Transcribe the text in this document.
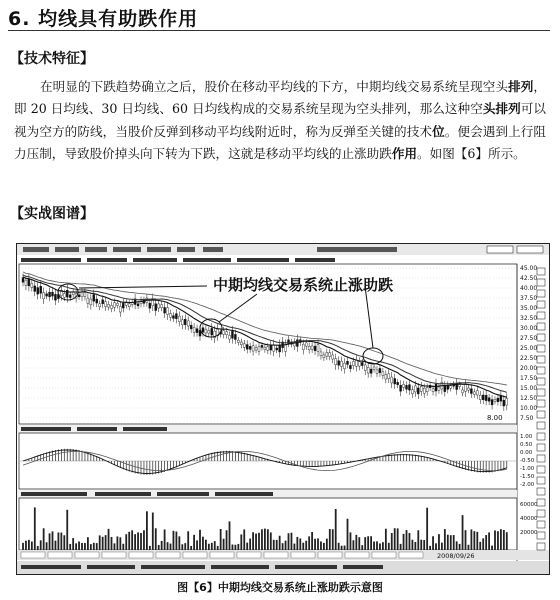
6. 均线具有助跌作用
【技术特征】
在明显的下跌趋势确立之后，股价在移动平均线的下方，中期均线交易系统呈现空头排列，即 20 日均线、30 日均线、60 日均线构成的交易系统呈现为空头排列，那么这种空头排列可以视为空方的防线，当股价反弹到移动平均线附近时，称为反弹至关键的技术位。便会遇到上行阻力压制，导致股价掉头向下转为下跌，这就是移动平均线的止涨助跌作用。如图【6】所示。
【实战图谱】
45.00
42.50
40.00
37.50
35.00
32.50
30.00
27.50
25.00
22.50
20.00
17.50
15.00
12.50
10.00
7.50
中期均线交易系统止涨助跌
8.00
1.00
0.50
0.00
-0.50
-1.00
-1.50
-2.00
60000
40000
20000
2008/09/26
图【6】中期均线交易系统止涨助跌示意图
